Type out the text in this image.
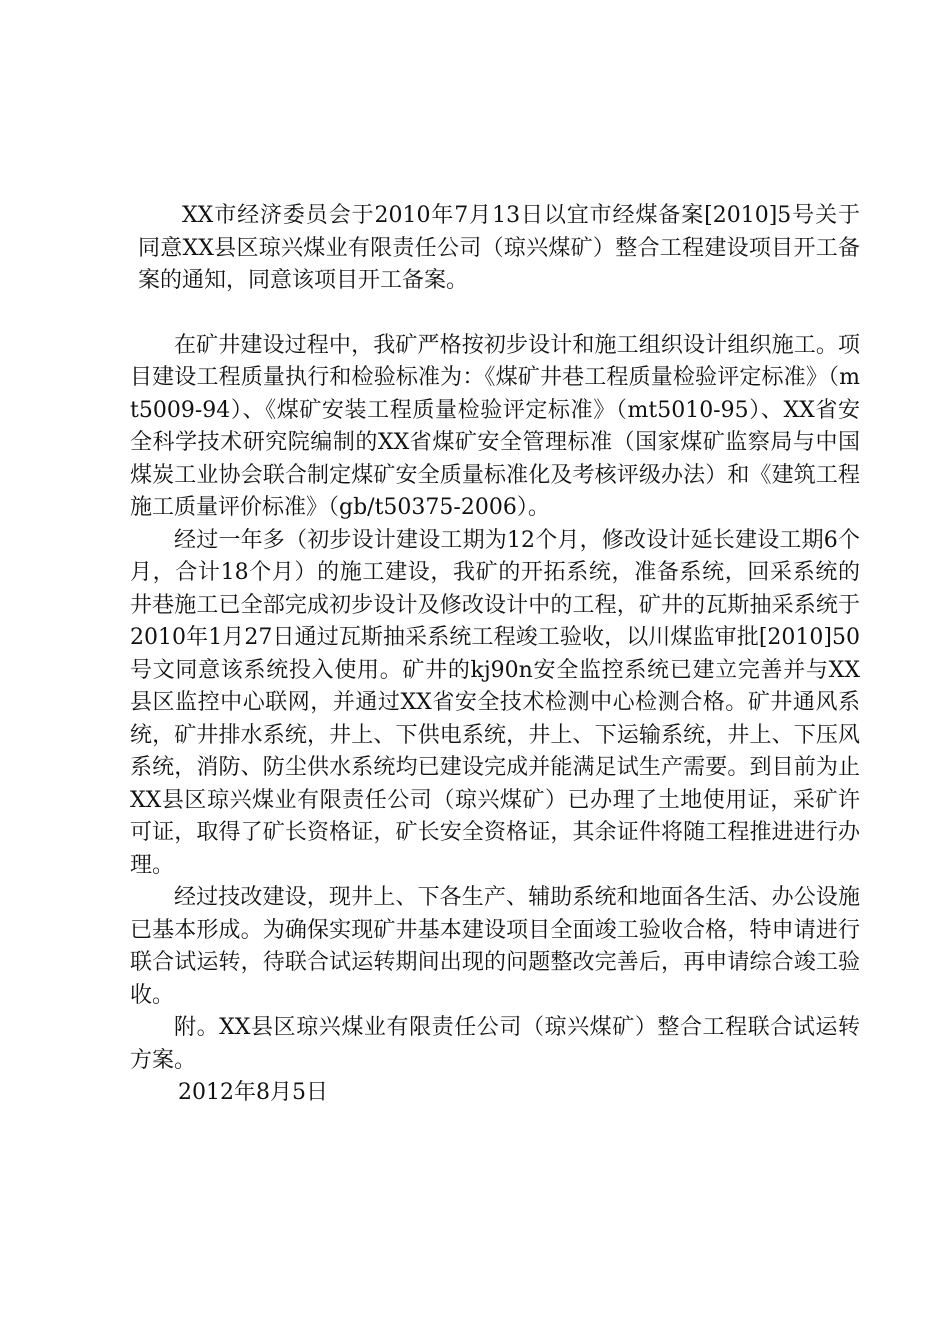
XX市经济委员会于2010年7月13日以宜市经煤备案[2010]5号关于同意XX县区琼兴煤业有限责任公司（琼兴煤矿）整合工程建设项目开工备案的通知，同意该项目开工备案。

在矿井建设过程中，我矿严格按初步设计和施工组织设计组织施工。项目建设工程质量执行和检验标准为：《煤矿井巷工程质量检验评定标准》（mt5009-94）、《煤矿安装工程质量检验评定标准》（mt5010-95）、XX省安全科学技术研究院编制的XX省煤矿安全管理标准（国家煤矿监察局与中国煤炭工业协会联合制定煤矿安全质量标准化及考核评级办法）和《建筑工程施工质量评价标准》（gb/t50375-2006）。

经过一年多（初步设计建设工期为12个月，修改设计延长建设工期6个月，合计18个月）的施工建设，我矿的开拓系统，准备系统，回采系统的井巷施工已全部完成初步设计及修改设计中的工程，矿井的瓦斯抽采系统于2010年1月27日通过瓦斯抽采系统工程竣工验收，以川煤监审批[2010]50号文同意该系统投入使用。矿井的kj90n安全监控系统已建立完善并与XX县区监控中心联网，并通过XX省安全技术检测中心检测合格。矿井通风系统，矿井排水系统，井上、下供电系统，井上、下运输系统，井上、下压风系统，消防、防尘供水系统均已建设完成并能满足试生产需要。到目前为止XX县区琼兴煤业有限责任公司（琼兴煤矿）已办理了土地使用证，采矿许可证，取得了矿长资格证，矿长安全资格证，其余证件将随工程推进进行办理。

经过技改建设，现井上、下各生产、辅助系统和地面各生活、办公设施已基本形成。为确保实现矿井基本建设项目全面竣工验收合格，特申请进行联合试运转，待联合试运转期间出现的问题整改完善后，再申请综合竣工验收。

附。XX县区琼兴煤业有限责任公司（琼兴煤矿）整合工程联合试运转方案。

2012年8月5日
